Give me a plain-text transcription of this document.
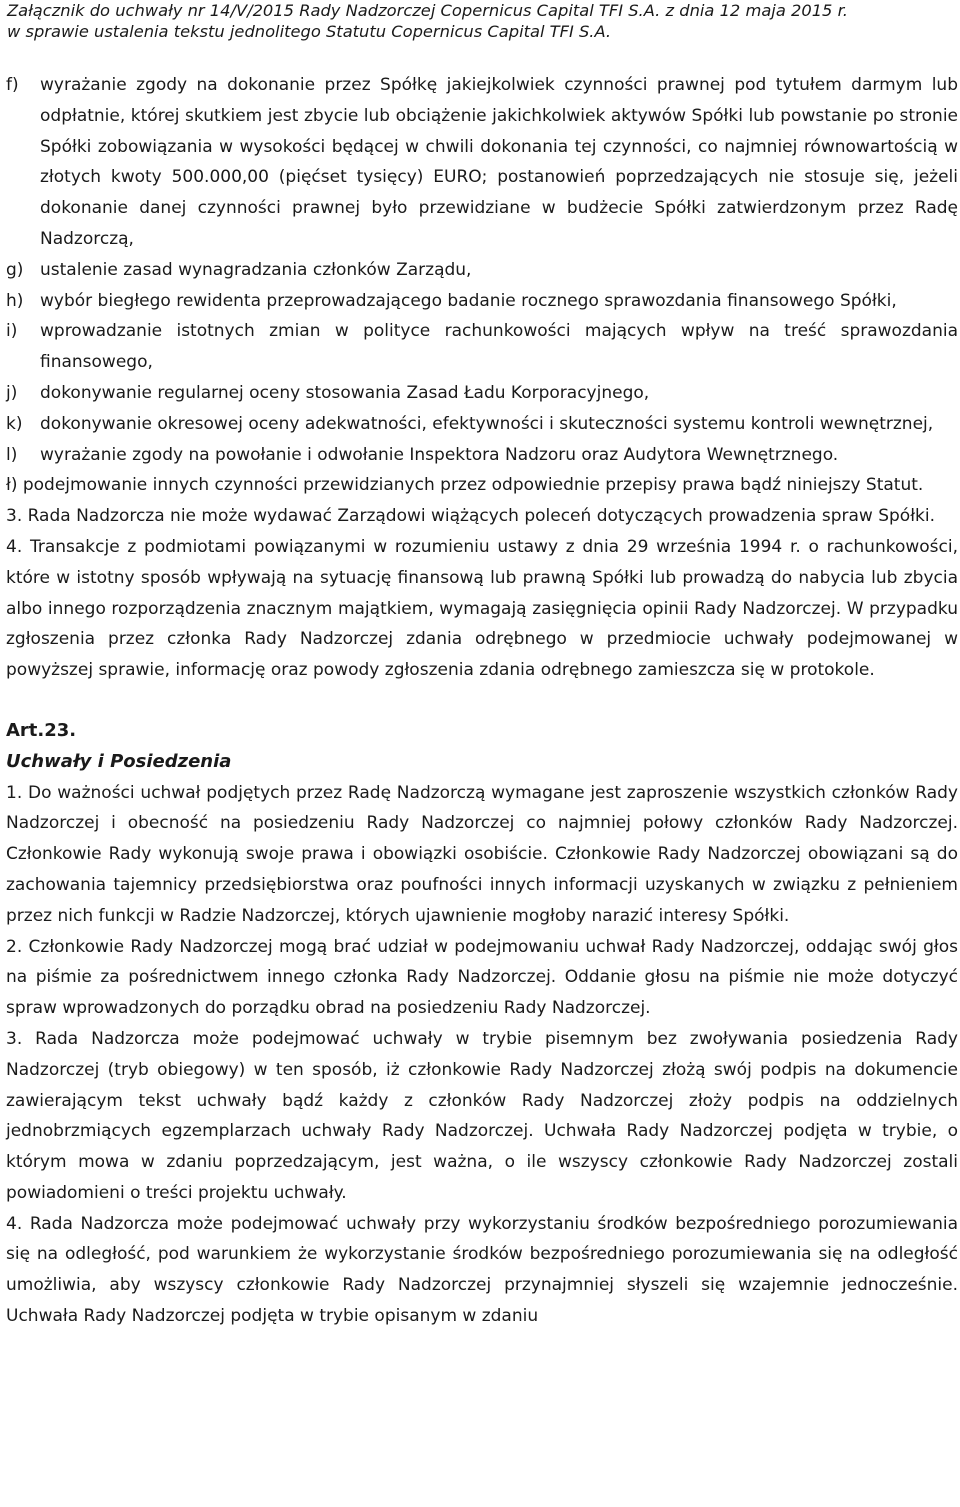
Załącznik do uchwały nr 14/V/2015 Rady Nadzorczej Copernicus Capital TFI S.A. z dnia 12 maja 2015 r.
w sprawie ustalenia tekstu jednolitego Statutu Copernicus Capital TFI S.A.
f)	wyrażanie zgody na dokonanie przez Spółkę jakiejkolwiek czynności prawnej pod tytułem darmym lub odpłatnie, której skutkiem jest zbycie lub obciążenie jakichkolwiek aktywów Spółki lub powstanie po stronie Spółki zobowiązania w wysokości będącej w chwili dokonania tej czynności, co najmniej równowartością w złotych kwoty 500.000,00 (pięćset tysięcy) EURO; postanowień poprzedzających nie stosuje się, jeżeli dokonanie danej czynności prawnej było przewidziane w budżecie Spółki zatwierdzonym przez Radę Nadzorczą,
g) ustalenie zasad wynagradzania członków Zarządu,
h) wybór biegłego rewidenta przeprowadzającego badanie rocznego sprawozdania finansowego Spółki,
i)	wprowadzanie istotnych zmian w polityce rachunkowości mających wpływ na treść sprawozdania finansowego,
j)	dokonywanie regularnej oceny stosowania Zasad Ładu Korporacyjnego,
k)	dokonywanie okresowej oceny adekwatności, efektywności i skuteczności systemu kontroli wewnętrznej,
l)	wyrażanie zgody na powołanie i odwołanie Inspektora Nadzoru oraz Audytora Wewnętrznego.

ł) podejmowanie innych czynności przewidzianych przez odpowiednie przepisy prawa bądź niniejszy Statut.

3. Rada Nadzorcza nie może wydawać Zarządowi wiążących poleceń dotyczących prowadzenia spraw Spółki.

4. Transakcje z podmiotami powiązanymi w rozumieniu ustawy z dnia 29 września 1994 r. o rachunkowości, które w istotny sposób wpływają na sytuację finansową lub prawną Spółki lub prowadzą do nabycia lub zbycia albo innego rozporządzenia znacznym majątkiem, wymagają zasięgnięcia opinii Rady Nadzorczej. W przypadku zgłoszenia przez członka Rady Nadzorczej zdania odrębnego w przedmiocie uchwały podejmowanej w powyższej sprawie, informację oraz powody zgłoszenia zdania odrębnego zamieszcza się w protokole.

Art.23.
Uchwały i Posiedzenia

1. Do ważności uchwał podjętych przez Radę Nadzorczą wymagane jest zaproszenie wszystkich członków Rady Nadzorczej i obecność na posiedzeniu Rady Nadzorczej co najmniej połowy członków Rady Nadzorczej. Członkowie Rady wykonują swoje prawa i obowiązki osobiście. Członkowie Rady Nadzorczej obowiązani są do zachowania tajemnicy przedsiębiorstwa oraz poufności innych informacji uzyskanych w związku z pełnieniem przez nich funkcji w Radzie Nadzorczej, których ujawnienie mogłoby narazić interesy Spółki.

2. Członkowie Rady Nadzorczej mogą brać udział w podejmowaniu uchwał Rady Nadzorczej, oddając swój głos na piśmie za pośrednictwem innego członka Rady Nadzorczej. Oddanie głosu na piśmie nie może dotyczyć spraw wprowadzonych do porządku obrad na posiedzeniu Rady Nadzorczej.

3. Rada Nadzorcza może podejmować uchwały w trybie pisemnym bez zwoływania posiedzenia Rady Nadzorczej (tryb obiegowy) w ten sposób, iż członkowie Rady Nadzorczej złożą swój podpis na dokumencie zawierającym tekst uchwały bądź każdy z członków Rady Nadzorczej złoży podpis na oddzielnych jednobrzmiących egzemplarzach uchwały Rady Nadzorczej. Uchwała Rady Nadzorczej podjęta w trybie, o którym mowa w zdaniu poprzedzającym, jest ważna, o ile wszyscy członkowie Rady Nadzorczej zostali powiadomieni o treści projektu uchwały.

4. Rada Nadzorcza może podejmować uchwały przy wykorzystaniu środków bezpośredniego porozumiewania się na odległość, pod warunkiem że wykorzystanie środków bezpośredniego porozumiewania się na odległość umożliwia, aby wszyscy członkowie Rady Nadzorczej przynajmniej słyszeli się wzajemnie jednocześnie. Uchwała Rady Nadzorczej podjęta w trybie opisanym w zdaniu
